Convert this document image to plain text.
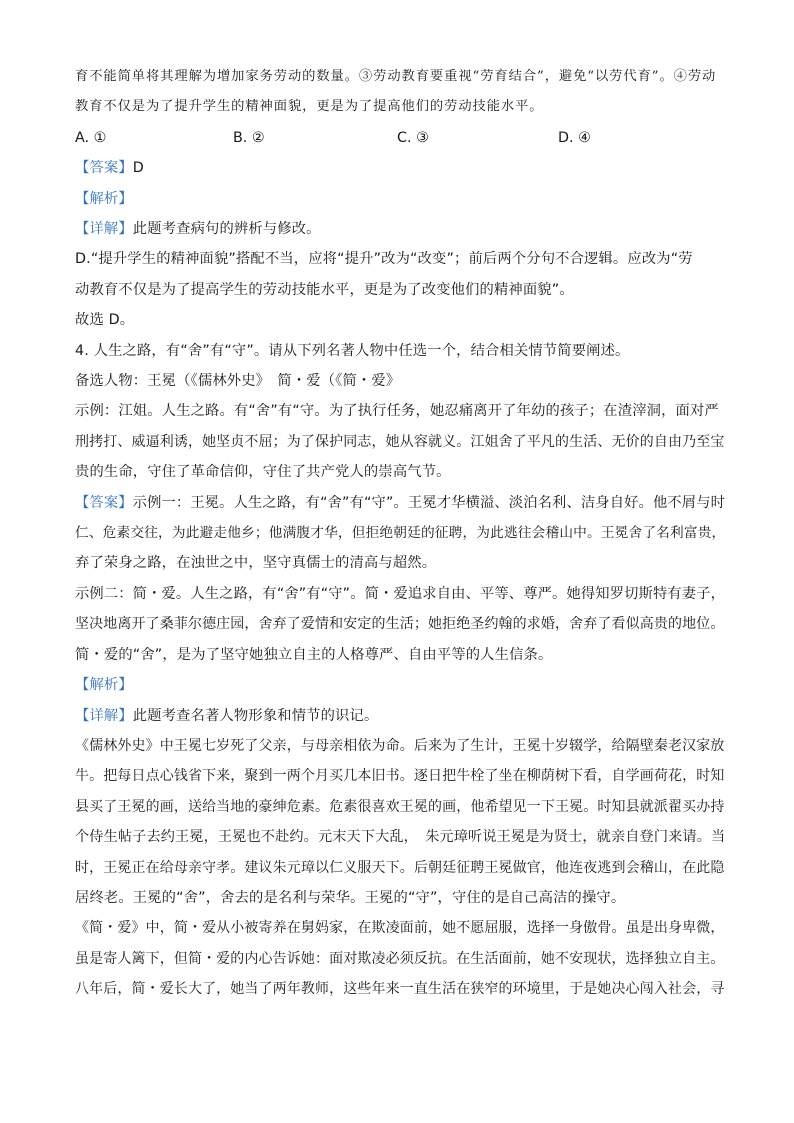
育不能简单将其理解为增加家务劳动的数量。③劳动教育要重视“劳育结合”，避免“以劳代育”。④劳动
教育不仅是为了提升学生的精神面貌，更是为了提高他们的劳动技能水平。
A. ①	B. ②	C. ③	D. ④
【答案】D
【解析】
【详解】此题考查病句的辨析与修改。
D.“提升学生的精神面貌”搭配不当，应将“提升”改为“改变”；前后两个分句不合逻辑。应改为“劳
动教育不仅是为了提高学生的劳动技能水平，更是为了改变他们的精神面貌”。
故选 D。
4. 人生之路，有“舍”有“守”。请从下列名著人物中任选一个，结合相关情节简要阐述。
备选人物：王冕（《儒林外史》　简・爱（《简・爱》
示例：江姐。人生之路。有“舍”有“守。为了执行任务，她忍痛离开了年幼的孩子；在渣滓洞，面对严
刑拷打、威逼利诱，她坚贞不屈；为了保护同志，她从容就义。江姐舍了平凡的生活、无价的自由乃至宝
贵的生命，守住了革命信仰，守住了共产党人的崇高气节。
【答案】示例一：王冕。人生之路，有“舍”有“守”。王冕才华横溢、淡泊名利、洁身自好。他不屑与时
仁、危素交往，为此避走他乡；他满腹才华，但拒绝朝廷的征聘，为此逃往会稽山中。王冕舍了名利富贵，
弃了荣身之路，在浊世之中，坚守真儒士的清高与超然。
示例二：简・爱。人生之路，有“舍”有“守”。简・爱追求自由、平等、尊严。她得知罗切斯特有妻子，
坚决地离开了桑菲尔德庄园，舍弃了爱情和安定的生活；她拒绝圣约翰的求婚，舍弃了看似高贵的地位。
简・爱的“舍”，是为了坚守她独立自主的人格尊严、自由平等的人生信条。
【解析】
【详解】此题考查名著人物形象和情节的识记。
《儒林外史》中王冕七岁死了父亲，与母亲相依为命。后来为了生计，王冕十岁辍学，给隔壁秦老汉家放
牛。把每日点心钱省下来，聚到一两个月买几本旧书。逐日把牛栓了坐在柳荫树下看，自学画荷花，时知
县买了王冕的画，送给当地的豪绅危素。危素很喜欢王冕的画，他希望见一下王冕。时知县就派翟买办持
个侍生帖子去约王冕，王冕也不赴约。元末天下大乱，　朱元璋听说王冕是为贤士，就亲自登门来请。当
时，王冕正在给母亲守孝。建议朱元璋以仁义服天下。后朝廷征聘王冕做官，他连夜逃到会稽山，在此隐
居终老。王冕的“舍”，舍去的是名利与荣华。王冕的“守”，守住的是自己高洁的操守。
《简・爱》中，简・爱从小被寄养在舅妈家，在欺凌面前，她不愿屈服，选择一身傲骨。虽是出身卑微，
虽是寄人篱下，但简・爱的内心告诉她：面对欺凌必须反抗。在生活面前，她不安现状，选择独立自主。
八年后，简・爱长大了，她当了两年教师，这些年来一直生活在狭窄的环境里，于是她决心闯入社会，寻
